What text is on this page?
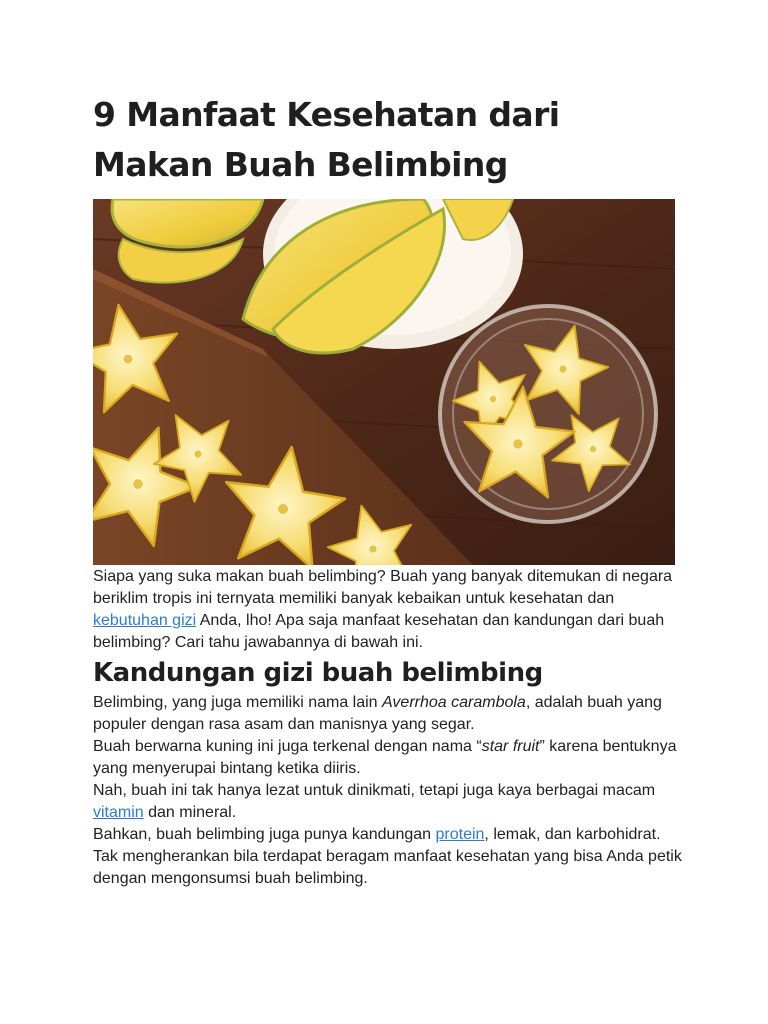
9 Manfaat Kesehatan dari Makan Buah Belimbing

Siapa yang suka makan buah belimbing? Buah yang banyak ditemukan di negara beriklim tropis ini ternyata memiliki banyak kebaikan untuk kesehatan dan kebutuhan gizi Anda, lho! Apa saja manfaat kesehatan dan kandungan dari buah belimbing? Cari tahu jawabannya di bawah ini.

Kandungan gizi buah belimbing

Belimbing, yang juga memiliki nama lain Averrhoa carambola, adalah buah yang populer dengan rasa asam dan manisnya yang segar.

Buah berwarna kuning ini juga terkenal dengan nama “star fruit” karena bentuknya yang menyerupai bintang ketika diiris.

Nah, buah ini tak hanya lezat untuk dinikmati, tetapi juga kaya berbagai macam vitamin dan mineral.

Bahkan, buah belimbing juga punya kandungan protein, lemak, dan karbohidrat.

Tak mengherankan bila terdapat beragam manfaat kesehatan yang bisa Anda petik dengan mengonsumsi buah belimbing.
